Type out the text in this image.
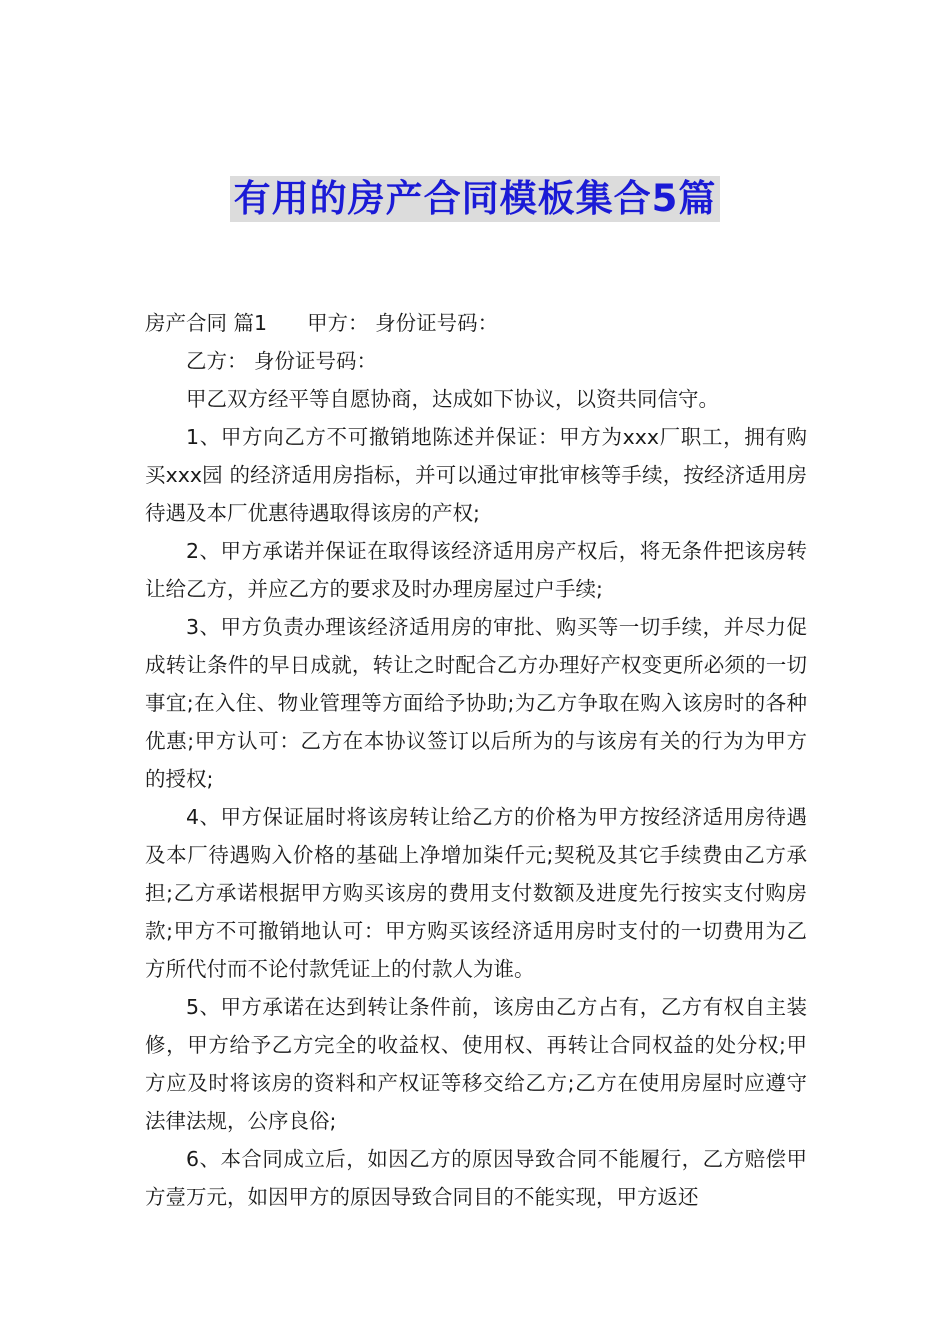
有用的房产合同模板集合5篇

房产合同 篇1 甲方： 身份证号码：

乙方： 身份证号码：

甲乙双方经平等自愿协商，达成如下协议，以资共同信守。

1、甲方向乙方不可撤销地陈述并保证：甲方为xxx厂职工，拥有购买xxx园 的经济适用房指标，并可以通过审批审核等手续，按经济适用房待遇及本厂优惠待遇取得该房的产权;

2、甲方承诺并保证在取得该经济适用房产权后，将无条件把该房转让给乙方，并应乙方的要求及时办理房屋过户手续;

3、甲方负责办理该经济适用房的审批、购买等一切手续，并尽力促成转让条件的早日成就，转让之时配合乙方办理好产权变更所必须的一切事宜;在入住、物业管理等方面给予协助;为乙方争取在购入该房时的各种优惠;甲方认可：乙方在本协议签订以后所为的与该房有关的行为为甲方的授权;

4、甲方保证届时将该房转让给乙方的价格为甲方按经济适用房待遇及本厂待遇购入价格的基础上净增加柒仟元;契税及其它手续费由乙方承担;乙方承诺根据甲方购买该房的费用支付数额及进度先行按实支付购房款;甲方不可撤销地认可：甲方购买该经济适用房时支付的一切费用为乙方所代付而不论付款凭证上的付款人为谁。

5、甲方承诺在达到转让条件前，该房由乙方占有，乙方有权自主装修，甲方给予乙方完全的收益权、使用权、再转让合同权益的处分权;甲方应及时将该房的资料和产权证等移交给乙方;乙方在使用房屋时应遵守法律法规，公序良俗;

6、本合同成立后，如因乙方的原因导致合同不能履行，乙方赔偿甲方壹万元，如因甲方的原因导致合同目的不能实现，甲方返还
